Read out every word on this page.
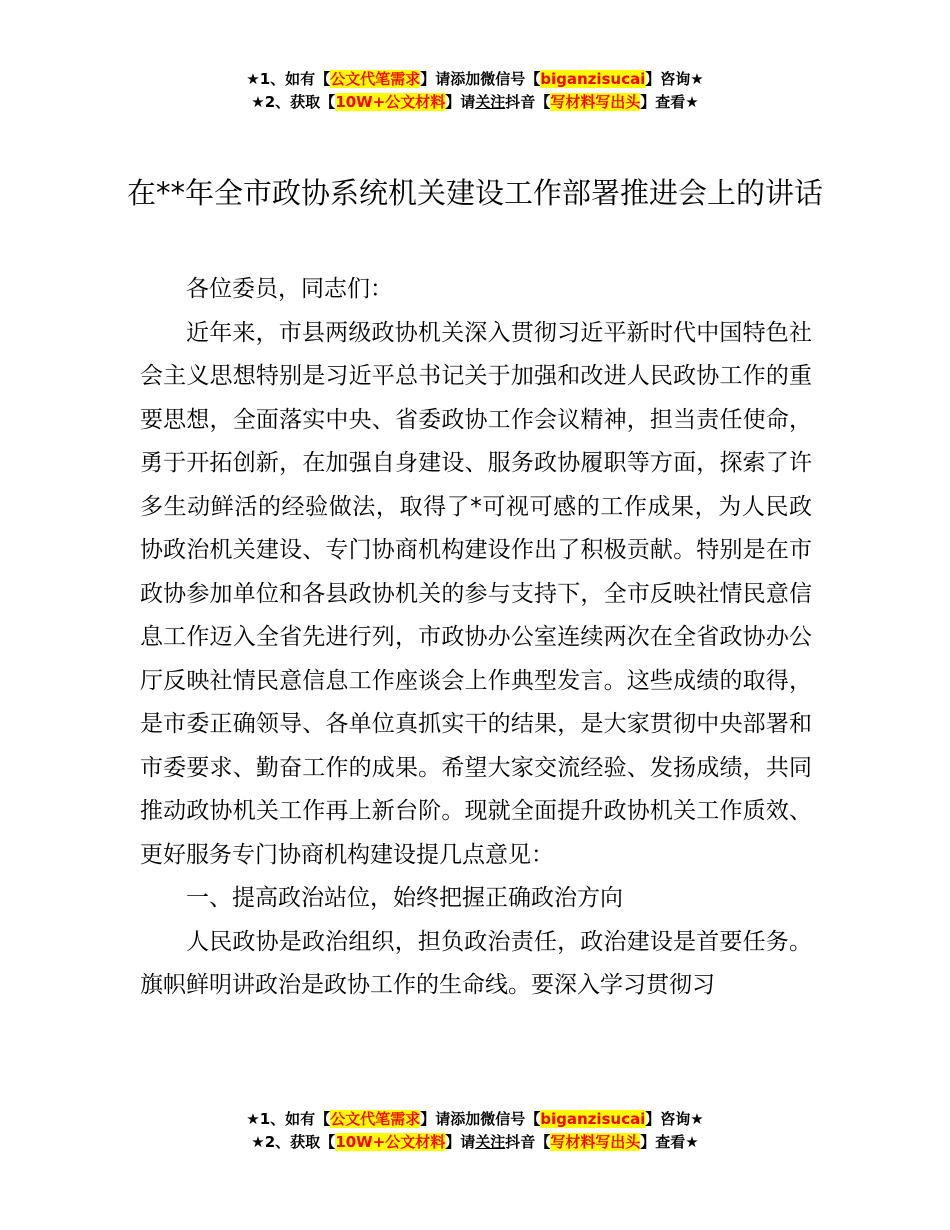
★1、如有【公文代笔需求】请添加微信号【biganzisucai】咨询★
★2、获取【10W+公文材料】请关注抖音【写材料写出头】查看★
在**年全市政协系统机关建设工作部署推进会上的讲话

各位委员，同志们：

近年来，市县两级政协机关深入贯彻习近平新时代中国特色社会主义思想特别是习近平总书记关于加强和改进人民政协工作的重要思想，全面落实中央、省委政协工作会议精神，担当责任使命，勇于开拓创新，在加强自身建设、服务政协履职等方面，探索了许多生动鲜活的经验做法，取得了*可视可感的工作成果，为人民政协政治机关建设、专门协商机构建设作出了积极贡献。特别是在市政协参加单位和各县政协机关的参与支持下，全市反映社情民意信息工作迈入全省先进行列，市政协办公室连续两次在全省政协办公厅反映社情民意信息工作座谈会上作典型发言。这些成绩的取得，是市委正确领导、各单位真抓实干的结果，是大家贯彻中央部署和市委要求、勤奋工作的成果。希望大家交流经验、发扬成绩，共同推动政协机关工作再上新台阶。现就全面提升政协机关工作质效、更好服务专门协商机构建设提几点意见：

一、提高政治站位，始终把握正确政治方向

人民政协是政治组织，担负政治责任，政治建设是首要任务。旗帜鲜明讲政治是政协工作的生命线。要深入学习贯彻习

★1、如有【公文代笔需求】请添加微信号【biganzisucai】咨询★
★2、获取【10W+公文材料】请关注抖音【写材料写出头】查看★
